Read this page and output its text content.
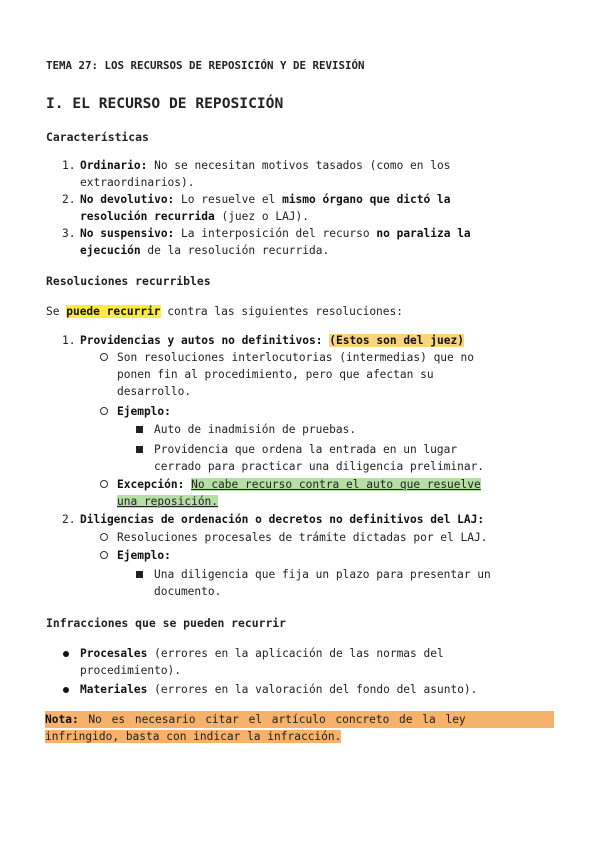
TEMA 27: LOS RECURSOS DE REPOSICIÓN Y DE REVISIÓN
I. EL RECURSO DE REPOSICIÓN
Características
1. Ordinario: No se necesitan motivos tasados (como en los
extraordinarios).
2. No devolutivo: Lo resuelve el mismo órgano que dictó la
resolución recurrida (juez o LAJ).
3. No suspensivo: La interposición del recurso no paraliza la
ejecución de la resolución recurrida.
Resoluciones recurribles
Se puede recurrir contra las siguientes resoluciones:
1. Providencias y autos no definitivos: (Estos son del juez)
Son resoluciones interlocutorias (intermedias) que no
ponen fin al procedimiento, pero que afectan su
desarrollo.
Ejemplo:
Auto de inadmisión de pruebas.
Providencia que ordena la entrada en un lugar
cerrado para practicar una diligencia preliminar.
Excepción: No cabe recurso contra el auto que resuelve
una reposición.
2. Diligencias de ordenación o decretos no definitivos del LAJ:
Resoluciones procesales de trámite dictadas por el LAJ.
Ejemplo:
Una diligencia que fija un plazo para presentar un
documento.
Infracciones que se pueden recurrir
Procesales (errores en la aplicación de las normas del
procedimiento).
Materiales (errores en la valoración del fondo del asunto).
Nota: No es necesario citar el artículo concreto de la ley
infringido, basta con indicar la infracción.
